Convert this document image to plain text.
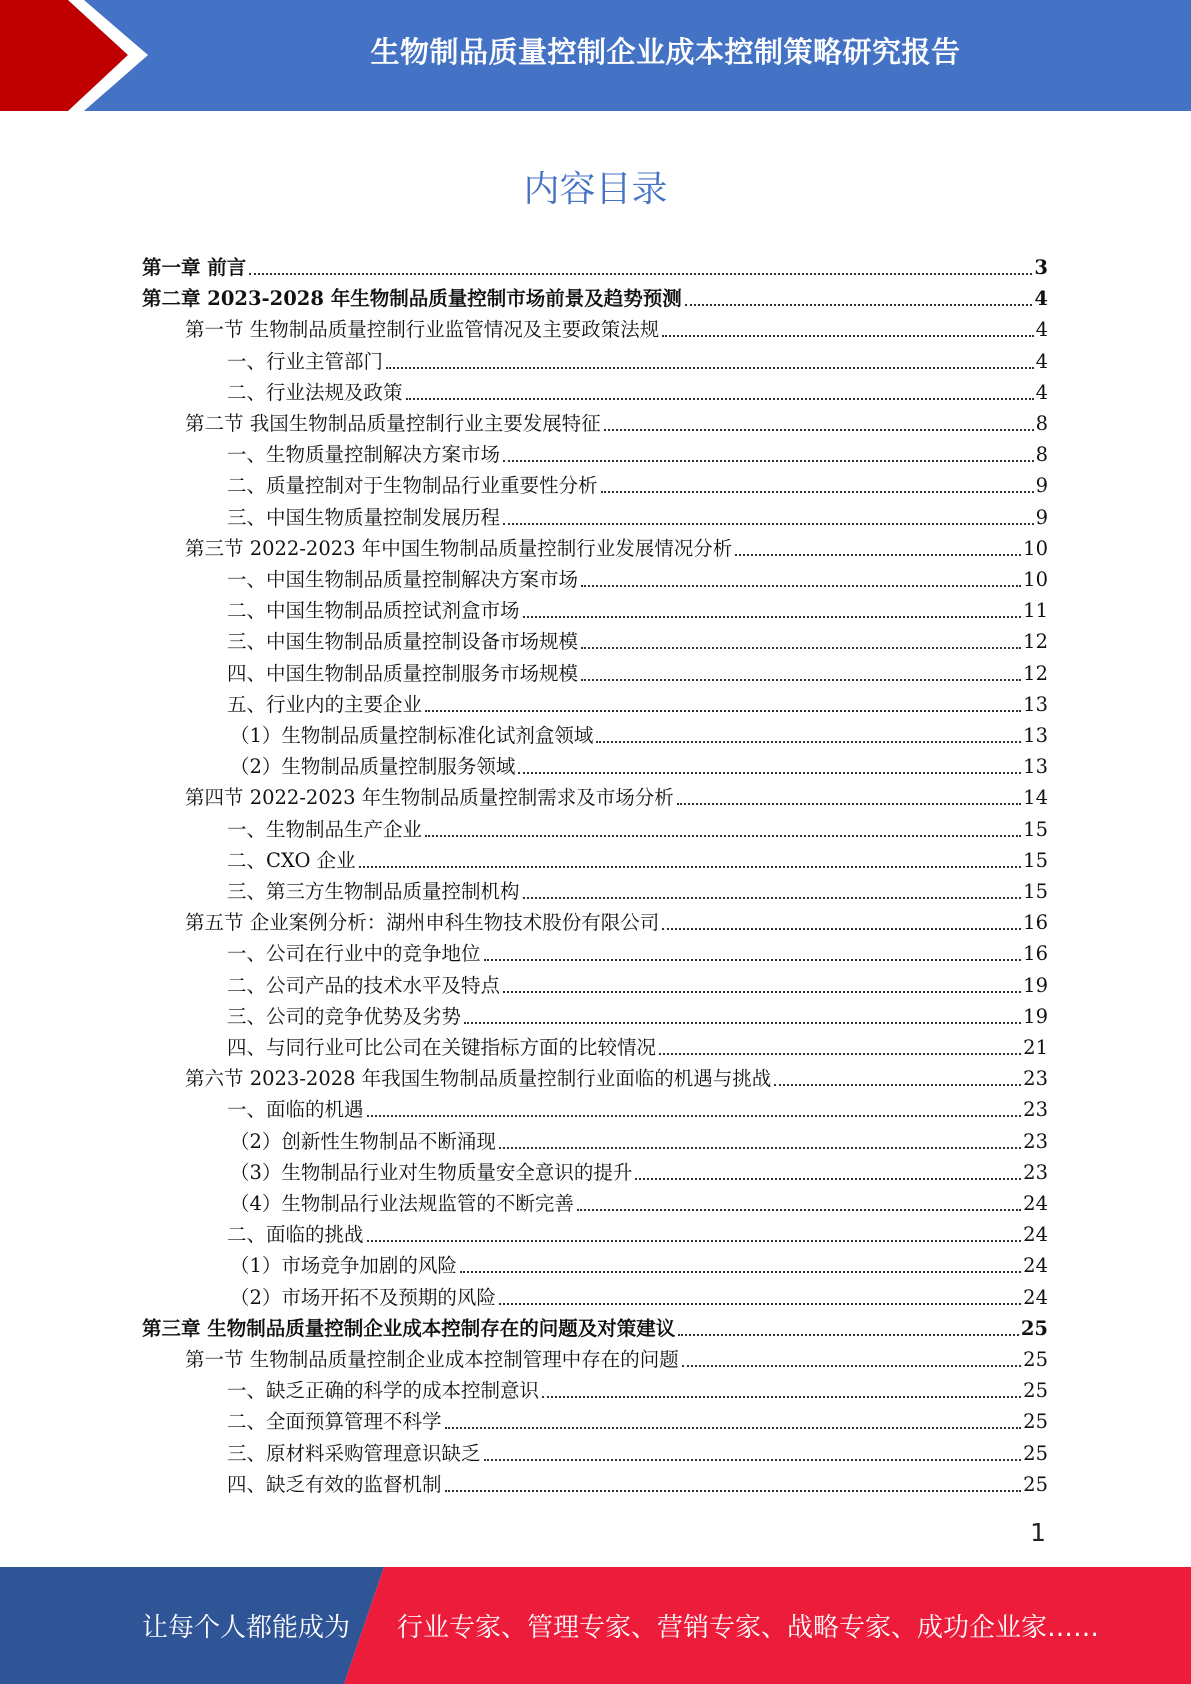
生物制品质量控制企业成本控制策略研究报告
内容目录
第一章 前言	3
第二章 2023-2028 年生物制品质量控制市场前景及趋势预测	4
第一节 生物制品质量控制行业监管情况及主要政策法规	4
一、行业主管部门	4
二、行业法规及政策	4
第二节 我国生物制品质量控制行业主要发展特征	8
一、生物质量控制解决方案市场	8
二、质量控制对于生物制品行业重要性分析	9
三、中国生物质量控制发展历程	9
第三节 2022-2023 年中国生物制品质量控制行业发展情况分析	10
一、中国生物制品质量控制解决方案市场	10
二、中国生物制品质控试剂盒市场	11
三、中国生物制品质量控制设备市场规模	12
四、中国生物制品质量控制服务市场规模	12
五、行业内的主要企业	13
（1）生物制品质量控制标准化试剂盒领域	13
（2）生物制品质量控制服务领域	13
第四节 2022-2023 年生物制品质量控制需求及市场分析	14
一、生物制品生产企业	15
二、CXO 企业	15
三、第三方生物制品质量控制机构	15
第五节 企业案例分析：湖州申科生物技术股份有限公司	16
一、公司在行业中的竞争地位	16
二、公司产品的技术水平及特点	19
三、公司的竞争优势及劣势	19
四、与同行业可比公司在关键指标方面的比较情况	21
第六节 2023-2028 年我国生物制品质量控制行业面临的机遇与挑战	23
一、面临的机遇	23
（2）创新性生物制品不断涌现	23
（3）生物制品行业对生物质量安全意识的提升	23
（4）生物制品行业法规监管的不断完善	24
二、面临的挑战	24
（1）市场竞争加剧的风险	24
（2）市场开拓不及预期的风险	24
第三章 生物制品质量控制企业成本控制存在的问题及对策建议	25
第一节 生物制品质量控制企业成本控制管理中存在的问题	25
一、缺乏正确的科学的成本控制意识	25
二、全面预算管理不科学	25
三、原材料采购管理意识缺乏	25
四、缺乏有效的监督机制	25
1
让每个人都能成为 行业专家、管理专家、营销专家、战略专家、成功企业家……
